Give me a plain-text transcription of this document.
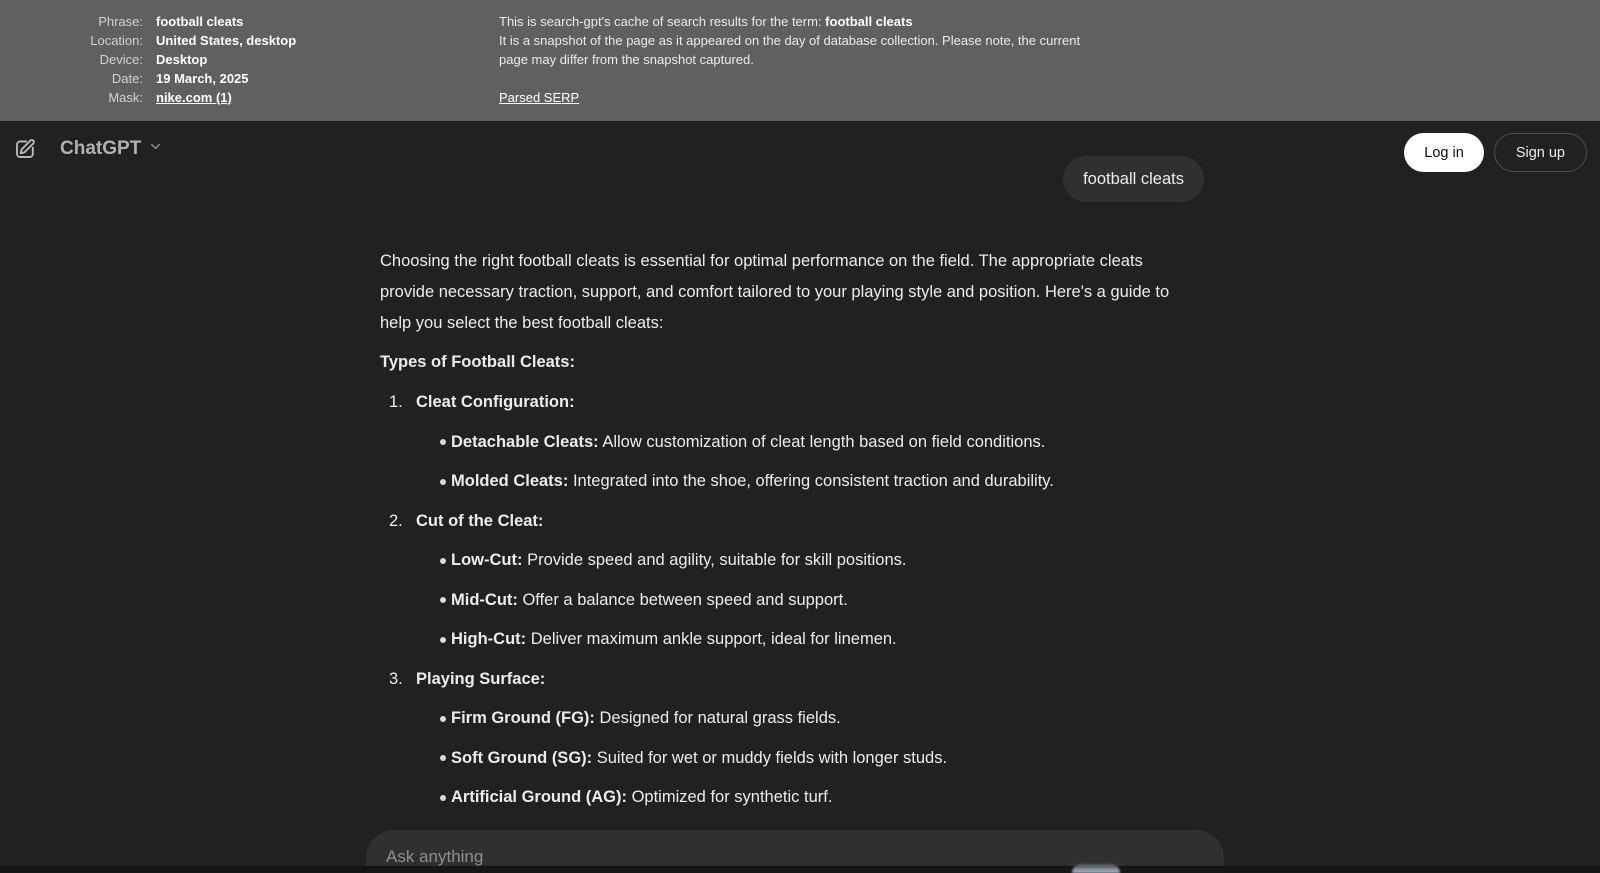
Phrase: football cleats
Location: United States, desktop
Device: Desktop
Date: 19 March, 2025
Mask: nike.com (1)
This is search-gpt's cache of search results for the term: football cleats
It is a snapshot of the page as it appeared on the day of database collection. Please note, the current page may differ from the snapshot captured.
Parsed SERP
ChatGPT	Log in	Sign up
football cleats

Choosing the right football cleats is essential for optimal performance on the field. The appropriate cleats provide necessary traction, support, and comfort tailored to your playing style and position. Here's a guide to help you select the best football cleats:

Types of Football Cleats:

1. Cleat Configuration:
Detachable Cleats: Allow customization of cleat length based on field conditions.
Molded Cleats: Integrated into the shoe, offering consistent traction and durability.
2. Cut of the Cleat:
Low-Cut: Provide speed and agility, suitable for skill positions.
Mid-Cut: Offer a balance between speed and support.
High-Cut: Deliver maximum ankle support, ideal for linemen.
3. Playing Surface:
Firm Ground (FG): Designed for natural grass fields.
Soft Ground (SG): Suited for wet or muddy fields with longer studs.
Artificial Ground (AG): Optimized for synthetic turf.
Ask anything
